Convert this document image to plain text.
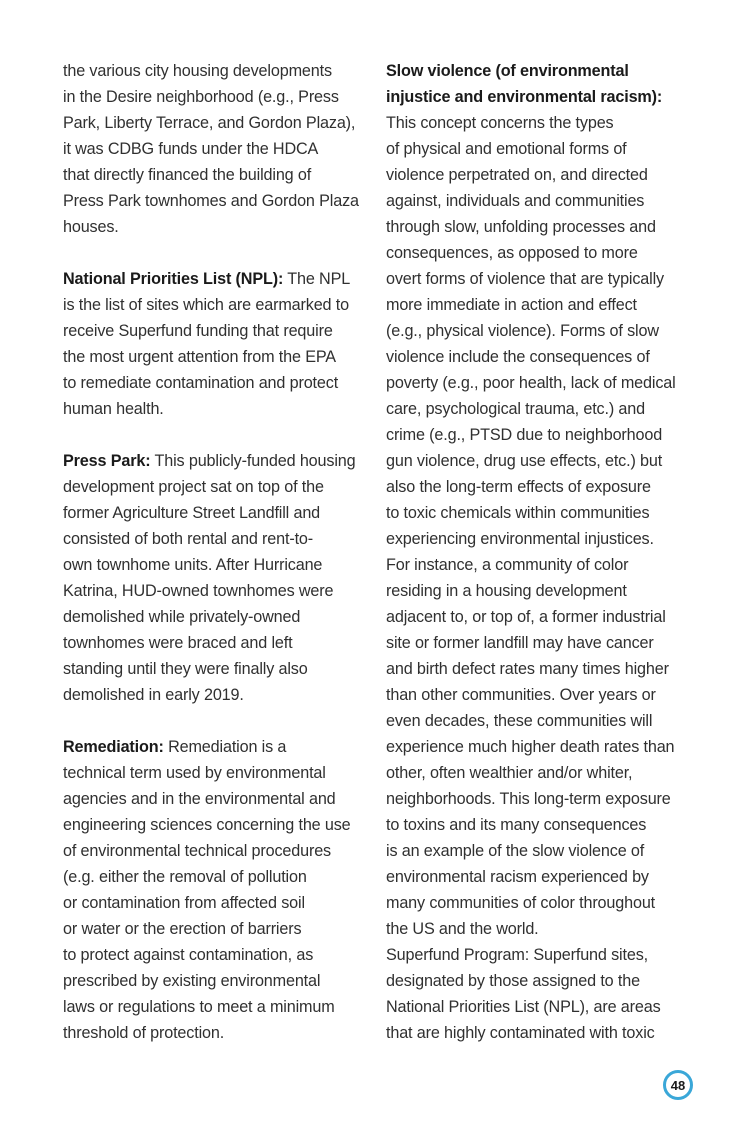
the various city housing developments
in the Desire neighborhood (e.g., Press
Park, Liberty Terrace, and Gordon Plaza),
it was CDBG funds under the HDCA
that directly financed the building of
Press Park townhomes and Gordon Plaza
houses.
National Priorities List (NPL): The NPL
is the list of sites which are earmarked to
receive Superfund funding that require
the most urgent attention from the EPA
to remediate contamination and protect
human health.
Press Park: This publicly-funded housing
development project sat on top of the
former Agriculture Street Landfill and
consisted of both rental and rent-to-
own townhome units. After Hurricane
Katrina, HUD-owned townhomes were
demolished while privately-owned
townhomes were braced and left
standing until they were finally also
demolished in early 2019.
Remediation: Remediation is a
technical term used by environmental
agencies and in the environmental and
engineering sciences concerning the use
of environmental technical procedures
(e.g. either the removal of pollution
or contamination from affected soil
or water or the erection of barriers
to protect against contamination, as
prescribed by existing environmental
laws or regulations to meet a minimum
threshold of protection.
Slow violence (of environmental
injustice and environmental racism):
This concept concerns the types
of physical and emotional forms of
violence perpetrated on, and directed
against, individuals and communities
through slow, unfolding processes and
consequences, as opposed to more
overt forms of violence that are typically
more immediate in action and effect
(e.g., physical violence). Forms of slow
violence include the consequences of
poverty (e.g., poor health, lack of medical
care, psychological trauma, etc.) and
crime (e.g., PTSD due to neighborhood
gun violence, drug use effects, etc.) but
also the long-term effects of exposure
to toxic chemicals within communities
experiencing environmental injustices.
For instance, a community of color
residing in a housing development
adjacent to, or top of, a former industrial
site or former landfill may have cancer
and birth defect rates many times higher
than other communities. Over years or
even decades, these communities will
experience much higher death rates than
other, often wealthier and/or whiter,
neighborhoods. This long-term exposure
to toxins and its many consequences
is an example of the slow violence of
environmental racism experienced by
many communities of color throughout
the US and the world.
Superfund Program: Superfund sites,
designated by those assigned to the
National Priorities List (NPL), are areas
that are highly contaminated with toxic
48
